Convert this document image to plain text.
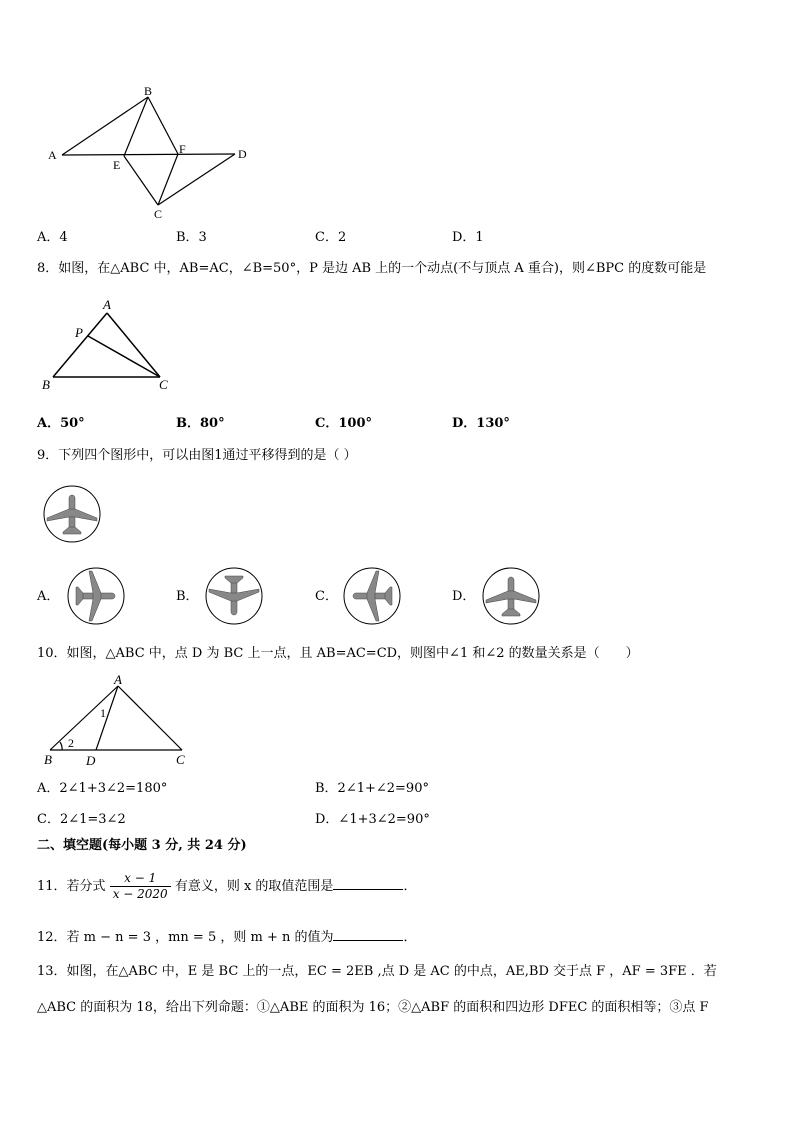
A
B
E
F	D
C
A．4	B．3	C．2	D．1
8．如图，在△ABC 中，AB=AC，∠B=50°，P 是边 AB 上的一个动点(不与顶点 A 重合)，则∠BPC 的度数可能是
A
P
B	C
A．50°	B．80°	C．100°	D．130°
9．下列四个图形中，可以由图1通过平移得到的是（ ）
A．	B．	C．	D．
10．如图，△ABC 中，点 D 为 BC 上一点，且 AB=AC=CD，则图中∠1 和∠2 的数量关系是（　　）
A
1
2
B	D	C
A．2∠1+3∠2=180°	B．2∠1+∠2=90°
C．2∠1=3∠2	D．∠1+3∠2=90°
二、填空题(每小题 3 分, 共 24 分)
11．若分式 $\frac{x - 1}{x - 2020}$ 有意义，则 x 的取值范围是	．
12．若 m − n = 3 ，mn = 5 ，则 m + n 的值为	．
13．如图，在△ABC 中，E 是 BC 上的一点，EC = 2EB ,点 D 是 AC 的中点，AE,BD 交于点 F ，AF = 3FE ．若
△ABC 的面积为 18，给出下列命题：①△ABE 的面积为 16；②△ABF 的面积和四边形 DFEC 的面积相等；③点 F
